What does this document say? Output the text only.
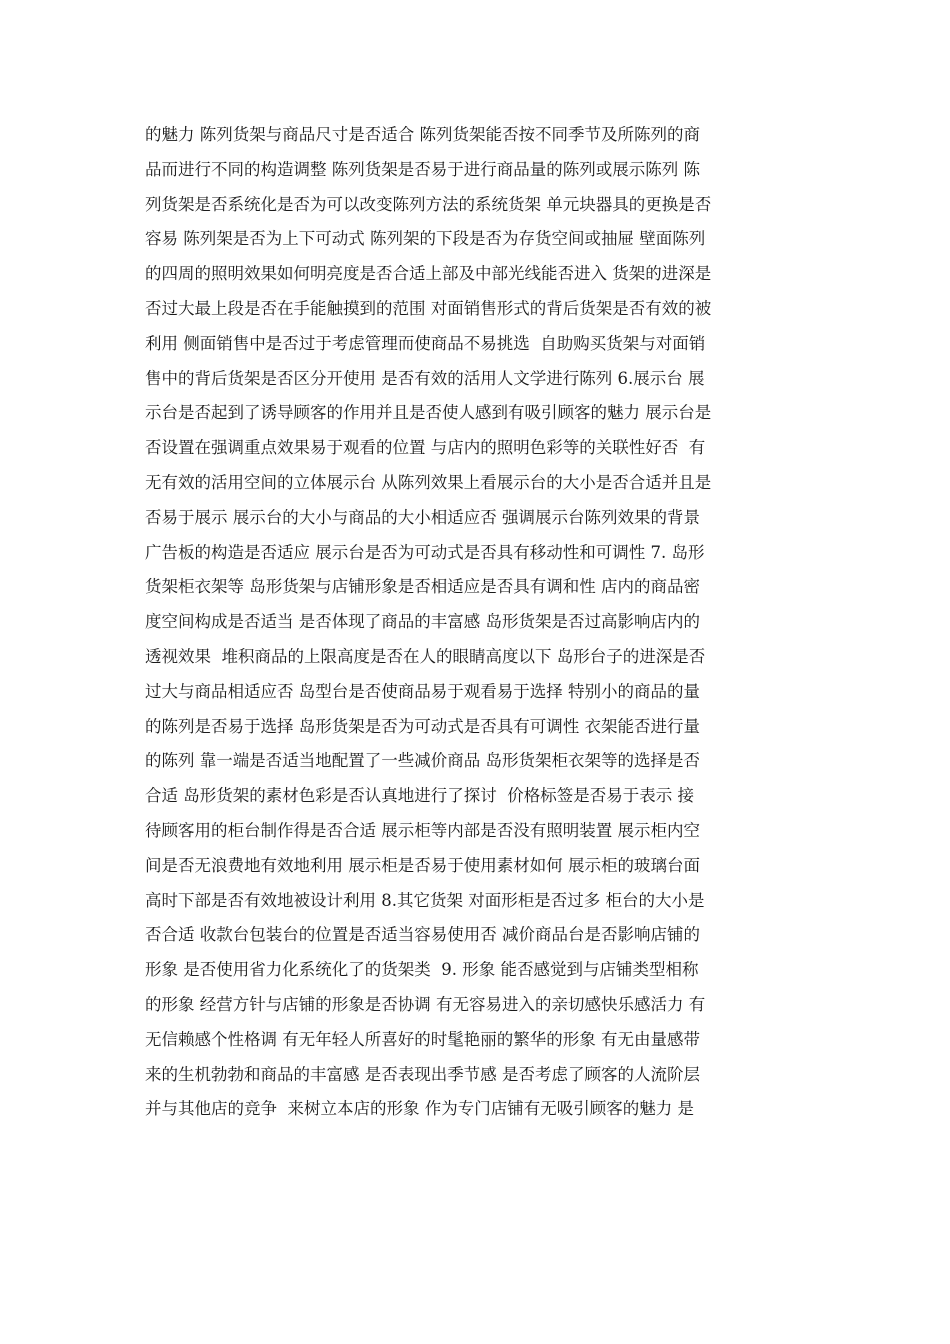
的魅力 陈列货架与商品尺寸是否适合 陈列货架能否按不同季节及所陈列的商
品而进行不同的构造调整 陈列货架是否易于进行商品量的陈列或展示陈列 陈
列货架是否系统化是否为可以改变陈列方法的系统货架 单元块器具的更换是否
容易 陈列架是否为上下可动式 陈列架的下段是否为存货空间或抽屉 壁面陈列
的四周的照明效果如何明亮度是否合适上部及中部光线能否进入 货架的进深是
否过大最上段是否在手能触摸到的范围 对面销售形式的背后货架是否有效的被
利用 侧面销售中是否过于考虑管理而使商品不易挑选  自助购买货架与对面销
售中的背后货架是否区分开使用 是否有效的活用人文学进行陈列 6.展示台 展
示台是否起到了诱导顾客的作用并且是否使人感到有吸引顾客的魅力 展示台是
否设置在强调重点效果易于观看的位置 与店内的照明色彩等的关联性好否  有
无有效的活用空间的立体展示台 从陈列效果上看展示台的大小是否合适并且是
否易于展示 展示台的大小与商品的大小相适应否 强调展示台陈列效果的背景
广告板的构造是否适应 展示台是否为可动式是否具有移动性和可调性 7. 岛形
货架柜衣架等 岛形货架与店铺形象是否相适应是否具有调和性 店内的商品密
度空间构成是否适当 是否体现了商品的丰富感 岛形货架是否过高影响店内的
透视效果  堆积商品的上限高度是否在人的眼睛高度以下 岛形台子的进深是否
过大与商品相适应否 岛型台是否使商品易于观看易于选择 特别小的商品的量
的陈列是否易于选择 岛形货架是否为可动式是否具有可调性 衣架能否进行量
的陈列 靠一端是否适当地配置了一些减价商品 岛形货架柜衣架等的选择是否
合适 岛形货架的素材色彩是否认真地进行了探讨  价格标签是否易于表示 接
待顾客用的柜台制作得是否合适 展示柜等内部是否没有照明装置 展示柜内空
间是否无浪费地有效地利用 展示柜是否易于使用素材如何 展示柜的玻璃台面
高时下部是否有效地被设计利用 8.其它货架 对面形柜是否过多 柜台的大小是
否合适 收款台包装台的位置是否适当容易使用否 减价商品台是否影响店铺的
形象 是否使用省力化系统化了的货架类  9. 形象 能否感觉到与店铺类型相称
的形象 经营方针与店铺的形象是否协调 有无容易进入的亲切感快乐感活力 有
无信赖感个性格调 有无年轻人所喜好的时髦艳丽的繁华的形象 有无由量感带
来的生机勃勃和商品的丰富感 是否表现出季节感 是否考虑了顾客的人流阶层
并与其他店的竞争  来树立本店的形象 作为专门店铺有无吸引顾客的魅力 是
